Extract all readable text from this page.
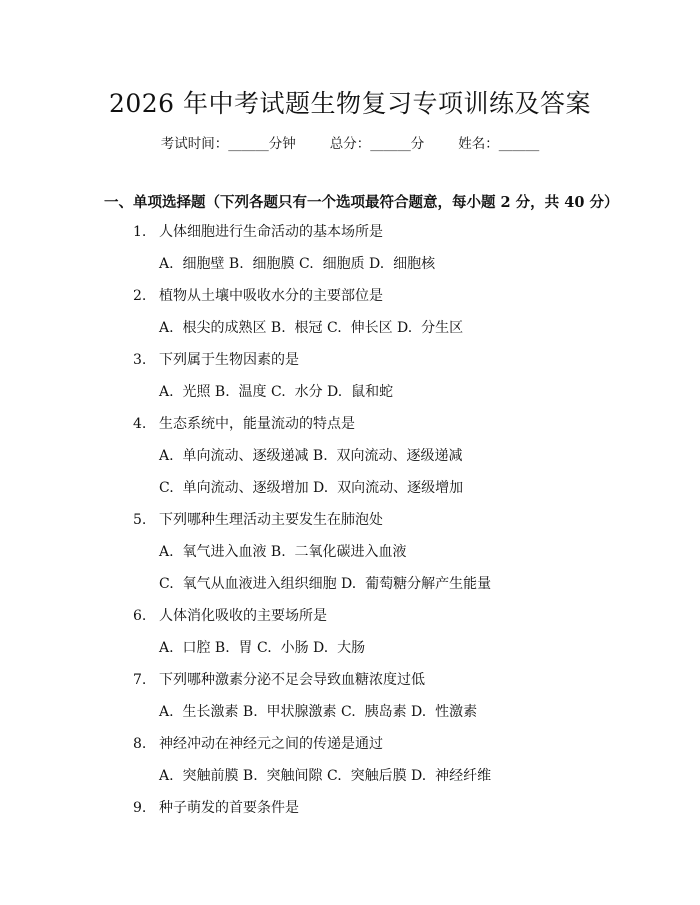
2026 年中考试题生物复习专项训练及答案
考试时间：______分钟	总分：______分	姓名：______
一、单项选择题（下列各题只有一个选项最符合题意，每小题 2 分，共 40 分）
1. 人体细胞进行生命活动的基本场所是
A.  细胞壁 B.  细胞膜 C.  细胞质 D.  细胞核
2. 植物从土壤中吸收水分的主要部位是
A.  根尖的成熟区 B.  根冠 C.  伸长区 D.  分生区
3. 下列属于生物因素的是
A.  光照 B.  温度 C.  水分 D.  鼠和蛇
4. 生态系统中，能量流动的特点是
A.  单向流动、逐级递减 B.  双向流动、逐级递减
C.  单向流动、逐级增加 D.  双向流动、逐级增加
5. 下列哪种生理活动主要发生在肺泡处
A.  氧气进入血液 B.  二氧化碳进入血液
C.  氧气从血液进入组织细胞 D.  葡萄糖分解产生能量
6. 人体消化吸收的主要场所是
A.  口腔 B.  胃 C.  小肠 D.  大肠
7. 下列哪种激素分泌不足会导致血糖浓度过低
A.  生长激素 B.  甲状腺激素 C.  胰岛素 D.  性激素
8. 神经冲动在神经元之间的传递是通过
A.  突触前膜 B.  突触间隙 C.  突触后膜 D.  神经纤维
9. 种子萌发的首要条件是
